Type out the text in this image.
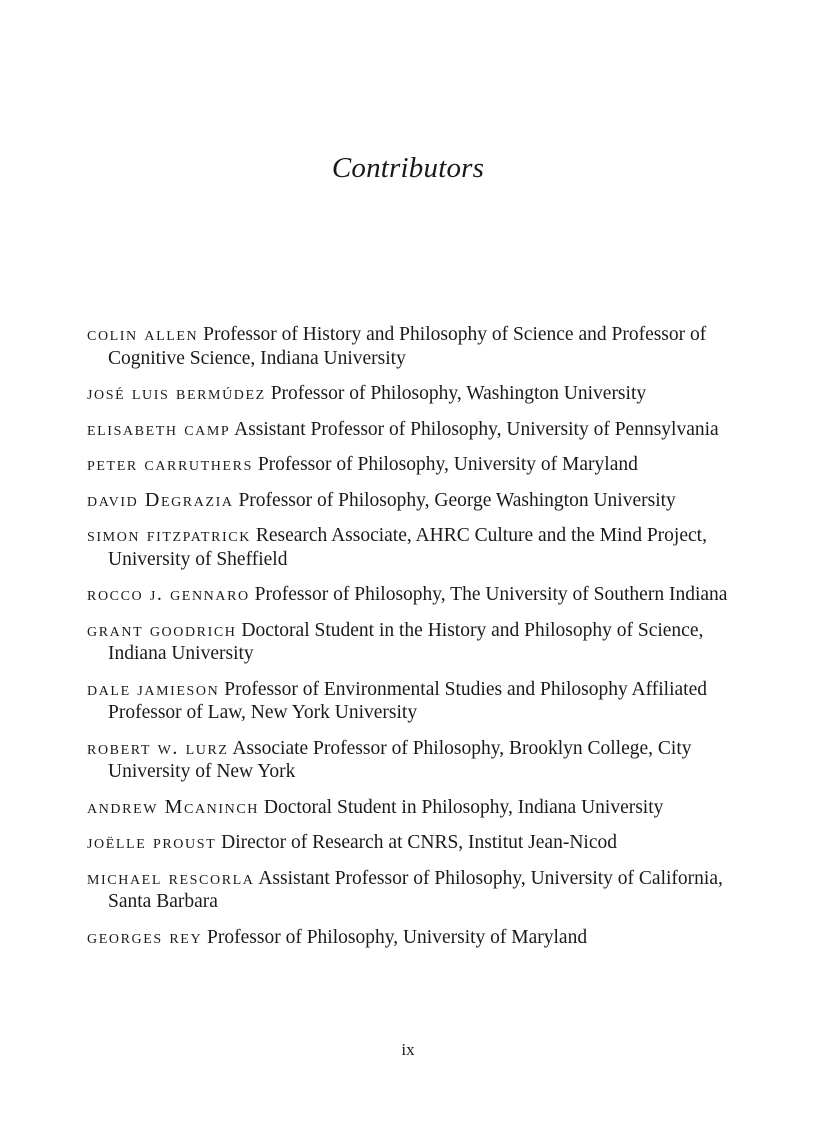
Contributors
colin allen Professor of History and Philosophy of Science and Professor of Cognitive Science, Indiana University
josé luis bermúdez Professor of Philosophy, Washington University
elisabeth camp Assistant Professor of Philosophy, University of Pennsylvania
peter carruthers Professor of Philosophy, University of Maryland
david Degrazia Professor of Philosophy, George Washington University
simon fitzpatrick Research Associate, AHRC Culture and the Mind Project, University of Sheffield
rocco j. gennaro Professor of Philosophy, The University of Southern Indiana
grant goodrich Doctoral Student in the History and Philosophy of Science, Indiana University
dale jamieson Professor of Environmental Studies and Philosophy Affiliated Professor of Law, New York University
robert w. lurz Associate Professor of Philosophy, Brooklyn College, City University of New York
andrew Mcaninch Doctoral Student in Philosophy, Indiana University
joëlle proust Director of Research at CNRS, Institut Jean-Nicod
michael rescorla Assistant Professor of Philosophy, University of California, Santa Barbara
georges rey Professor of Philosophy, University of Maryland
ix
